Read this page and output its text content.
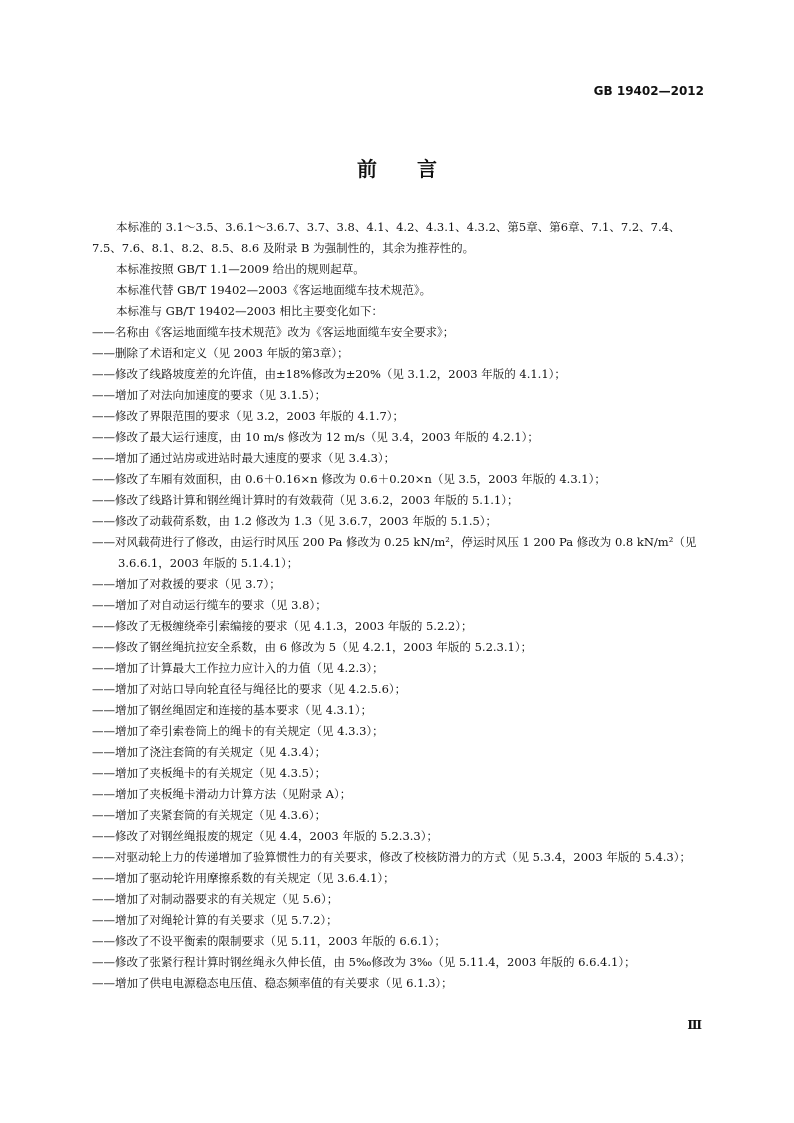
GB 19402—2012
前言

本标准的 3.1～3.5、3.6.1～3.6.7、3.7、3.8、4.1、4.2、4.3.1、4.3.2、第5章、第6章、7.1、7.2、7.4、7.5、7.6、8.1、8.2、8.5、8.6 及附录 B 为强制性的，其余为推荐性的。

本标准按照 GB/T 1.1—2009 给出的规则起草。

本标准代替 GB/T 19402—2003《客运地面缆车技术规范》。

本标准与 GB/T 19402—2003 相比主要变化如下：

——名称由《客运地面缆车技术规范》改为《客运地面缆车安全要求》；

——删除了术语和定义（见 2003 年版的第3章）；

——修改了线路坡度差的允许值，由±18%修改为±20%（见 3.1.2，2003 年版的 4.1.1）；

——增加了对法向加速度的要求（见 3.1.5）；

——修改了界限范围的要求（见 3.2，2003 年版的 4.1.7）；

——修改了最大运行速度，由 10 m/s 修改为 12 m/s（见 3.4，2003 年版的 4.2.1）；

——增加了通过站房或进站时最大速度的要求（见 3.4.3）；

——修改了车厢有效面积，由 0.6＋0.16×n 修改为 0.6＋0.20×n（见 3.5，2003 年版的 4.3.1）；

——修改了线路计算和钢丝绳计算时的有效载荷（见 3.6.2，2003 年版的 5.1.1）；

——修改了动载荷系数，由 1.2 修改为 1.3（见 3.6.7，2003 年版的 5.1.5）；

——对风载荷进行了修改，由运行时风压 200 Pa 修改为 0.25 kN/m²，停运时风压 1 200 Pa 修改为 0.8 kN/m²（见 3.6.6.1，2003 年版的 5.1.4.1）；

——增加了对救援的要求（见 3.7）；

——增加了对自动运行缆车的要求（见 3.8）；

——修改了无极缠绕牵引索编接的要求（见 4.1.3，2003 年版的 5.2.2）；

——修改了钢丝绳抗拉安全系数，由 6 修改为 5（见 4.2.1，2003 年版的 5.2.3.1）；

——增加了计算最大工作拉力应计入的力值（见 4.2.3）；

——增加了对站口导向轮直径与绳径比的要求（见 4.2.5.6）；

——增加了钢丝绳固定和连接的基本要求（见 4.3.1）；

——增加了牵引索卷筒上的绳卡的有关规定（见 4.3.3）；

——增加了浇注套筒的有关规定（见 4.3.4）；

——增加了夹板绳卡的有关规定（见 4.3.5）；

——增加了夹板绳卡滑动力计算方法（见附录 A）；

——增加了夹紧套筒的有关规定（见 4.3.6）；

——修改了对钢丝绳报废的规定（见 4.4，2003 年版的 5.2.3.3）；

——对驱动轮上力的传递增加了验算惯性力的有关要求，修改了校核防滑力的方式（见 5.3.4，2003 年版的 5.4.3）；

——增加了驱动轮许用摩擦系数的有关规定（见 3.6.4.1）；

——增加了对制动器要求的有关规定（见 5.6）；

——增加了对绳轮计算的有关要求（见 5.7.2）；

——修改了不设平衡索的限制要求（见 5.11，2003 年版的 6.6.1）；

——修改了张紧行程计算时钢丝绳永久伸长值，由 5‰修改为 3‰（见 5.11.4，2003 年版的 6.6.4.1）；

——增加了供电电源稳态电压值、稳态频率值的有关要求（见 6.1.3）；

Ⅲ
